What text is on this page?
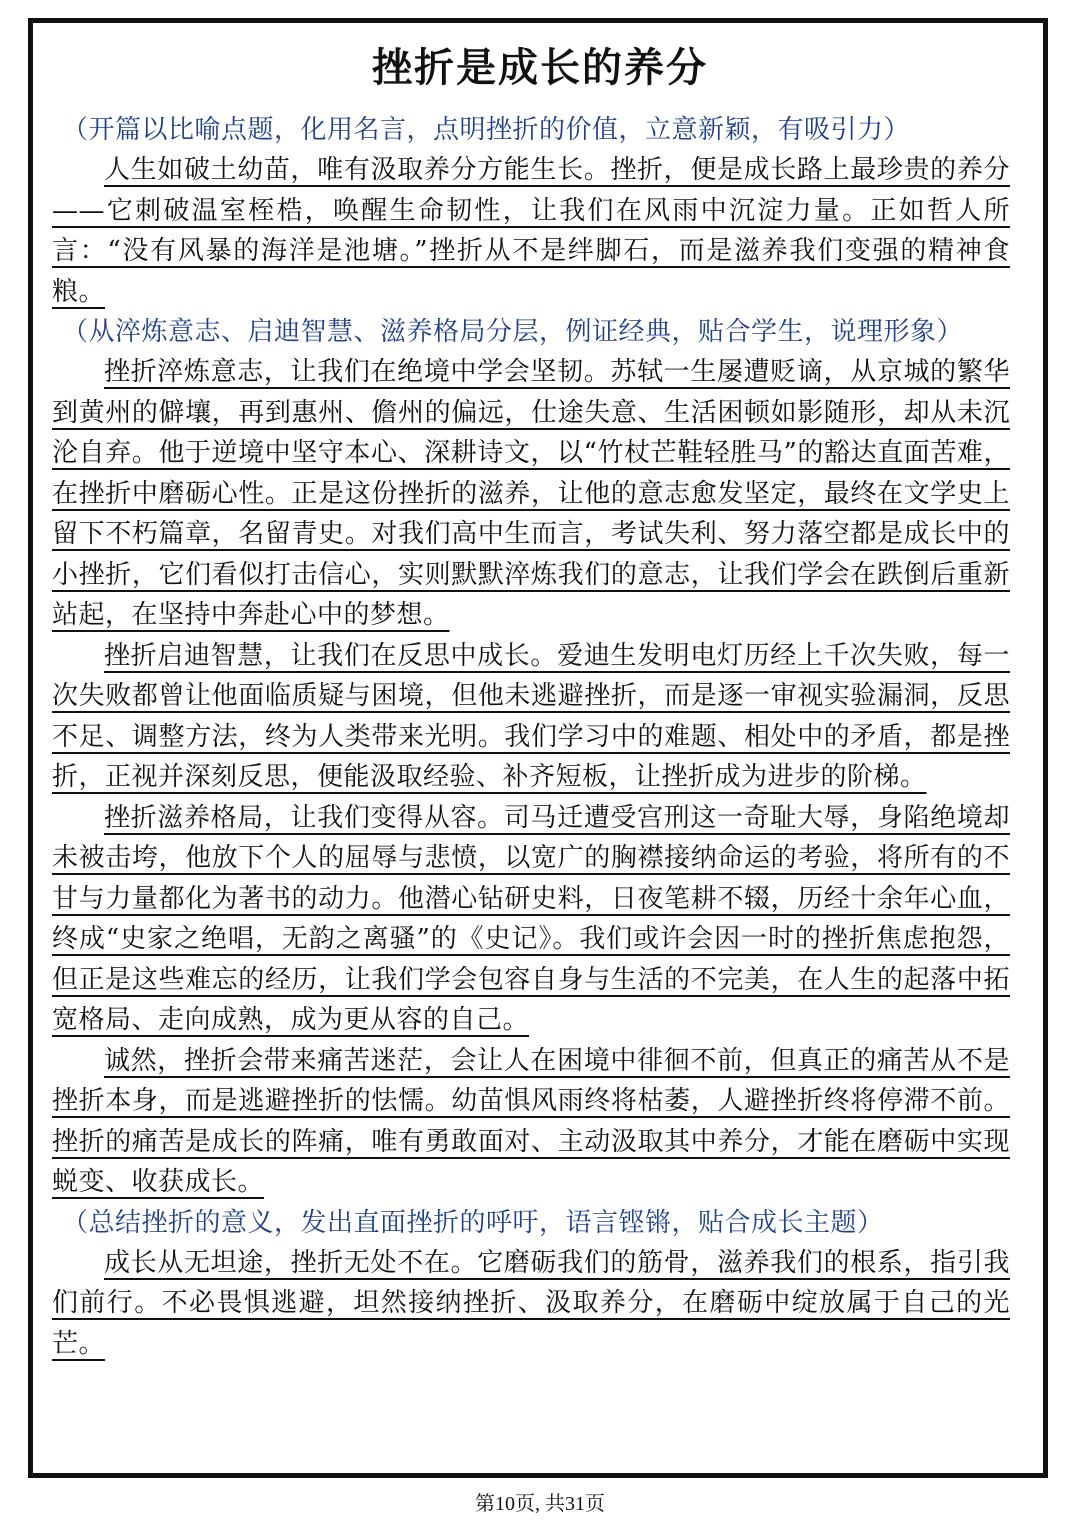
挫折是成长的养分

（开篇以比喻点题，化用名言，点明挫折的价值，立意新颖，有吸引力）

人生如破土幼苗，唯有汲取养分方能生长。挫折，便是成长路上最珍贵的养分——它刺破温室桎梏，唤醒生命韧性，让我们在风雨中沉淀力量。正如哲人所言：“没有风暴的海洋是池塘。”挫折从不是绊脚石，而是滋养我们变强的精神食粮。

（从淬炼意志、启迪智慧、滋养格局分层，例证经典，贴合学生，说理形象）

挫折淬炼意志，让我们在绝境中学会坚韧。苏轼一生屡遭贬谪，从京城的繁华到黄州的僻壤，再到惠州、儋州的偏远，仕途失意、生活困顿如影随形，却从未沉沦自弃。他于逆境中坚守本心、深耕诗文，以“竹杖芒鞋轻胜马”的豁达直面苦难，在挫折中磨砺心性。正是这份挫折的滋养，让他的意志愈发坚定，最终在文学史上留下不朽篇章，名留青史。对我们高中生而言，考试失利、努力落空都是成长中的小挫折，它们看似打击信心，实则默默淬炼我们的意志，让我们学会在跌倒后重新站起，在坚持中奔赴心中的梦想。

挫折启迪智慧，让我们在反思中成长。爱迪生发明电灯历经上千次失败，每一次失败都曾让他面临质疑与困境，但他未逃避挫折，而是逐一审视实验漏洞，反思不足、调整方法，终为人类带来光明。我们学习中的难题、相处中的矛盾，都是挫折，正视并深刻反思，便能汲取经验、补齐短板，让挫折成为进步的阶梯。

挫折滋养格局，让我们变得从容。司马迁遭受宫刑这一奇耻大辱，身陷绝境却未被击垮，他放下个人的屈辱与悲愤，以宽广的胸襟接纳命运的考验，将所有的不甘与力量都化为著书的动力。他潜心钻研史料，日夜笔耕不辍，历经十余年心血，终成“史家之绝唱，无韵之离骚”的《史记》。我们或许会因一时的挫折焦虑抱怨，但正是这些难忘的经历，让我们学会包容自身与生活的不完美，在人生的起落中拓宽格局、走向成熟，成为更从容的自己。

诚然，挫折会带来痛苦迷茫，会让人在困境中徘徊不前，但真正的痛苦从不是挫折本身，而是逃避挫折的怯懦。幼苗惧风雨终将枯萎，人避挫折终将停滞不前。挫折的痛苦是成长的阵痛，唯有勇敢面对、主动汲取其中养分，才能在磨砺中实现蜕变、收获成长。

（总结挫折的意义，发出直面挫折的呼吁，语言铿锵，贴合成长主题）

成长从无坦途，挫折无处不在。它磨砺我们的筋骨，滋养我们的根系，指引我们前行。不必畏惧逃避，坦然接纳挫折、汲取养分，在磨砺中绽放属于自己的光芒。

第10页, 共31页
